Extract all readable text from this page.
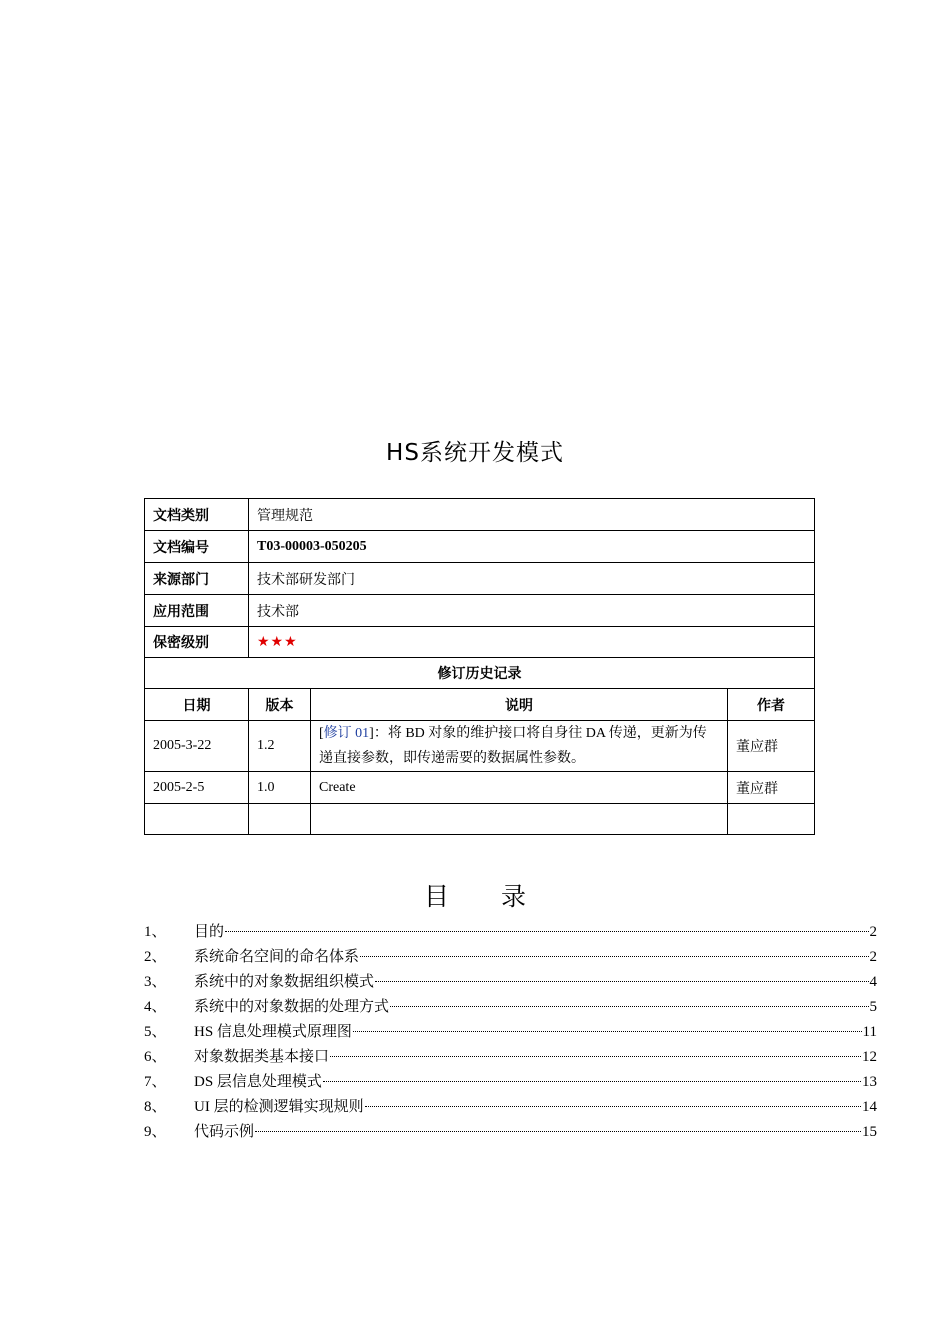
HS系统开发模式
文档类别	管理规范		
文档编号	T03-00003-050205		
来源部门	技术部研发部门		
应用范围	技术部		
保密级别	★★★		
修订历史记录			
日期	版本	说明	作者
2005-3-22	1.2	[修订 01]：将 BD 对象的维护接口将自身往 DA 传递，更新为传递直接参数，即传递需要的数据属性参数。	董应群
2005-2-5	1.0	Create	董应群

目 录
1、	目的	2
2、	系统命名空间的命名体系	2
3、	系统中的对象数据组织模式	4
4、	系统中的对象数据的处理方式	5
5、	HS 信息处理模式原理图	11
6、	对象数据类基本接口	12
7、	DS 层信息处理模式	13
8、	UI 层的检测逻辑实现规则	14
9、	代码示例	15
